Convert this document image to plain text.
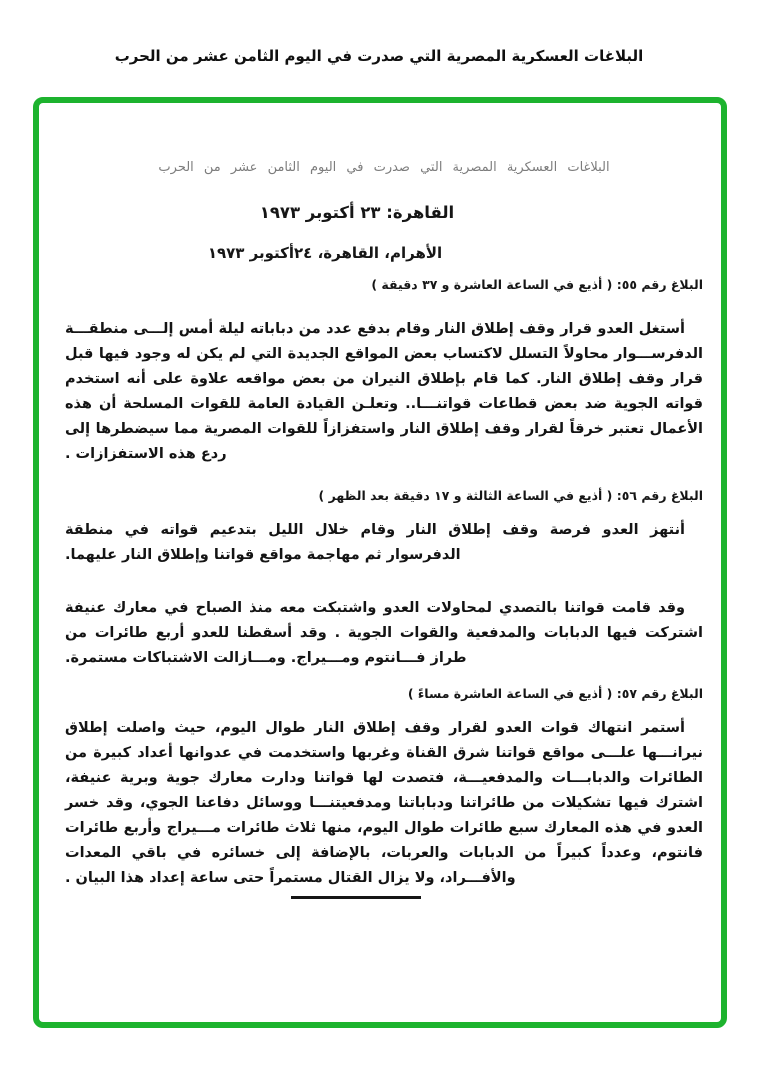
البلاغات العسكرية المصرية التي صدرت في اليوم الثامن عشر من الحرب
البلاغات العسكرية المصرية التي صدرت في اليوم الثامن عشر من الحرب
القاهرة: ٢٣ أكتوبر ١٩٧٣
الأهرام، القاهرة، ٢٤أكتوبر ١٩٧٣
البلاغ رقم ٥٥: ( أذيع في الساعة العاشرة و ٣٧ دقيقة )
أستغل العدو قرار وقف إطلاق النار وقام بدفع عدد من دباباته ليلة أمس إلـــى منطقـــة الدفرســـوار محاولاً التسلل لاكتساب بعض المواقع الجديدة التي لم يكن له وجود فيها قبل قرار وقف إطلاق النار. كما قام بإطلاق النيران من بعض مواقعه علاوة على أنه استخدم قواته الجوية ضد بعض قطاعات قواتنـــا.. وتعلـن القيادة العامة للقوات المسلحة أن هذه الأعمال تعتبر خرقاً لقرار وقف إطلاق النار واستفزازاً للقوات المصرية مما سيضطرها إلى ردع هذه الاستفزازات .
البلاغ رقم ٥٦: ( أذيع في الساعة الثالثة و ١٧ دقيقة بعد الظهر )
أنتهز العدو فرصة وقف إطلاق النار وقام خلال الليل بتدعيم قواته في منطقة الدفرسوار ثم مهاجمة مواقع قواتنا وإطلاق النار عليهما.
وقد قامت قواتنا بالتصدي لمحاولات العدو واشتبكت معه منذ الصباح في معارك عنيفة اشتركت فيها الدبابات والمدفعية والقوات الجوية . وقد أسقطنا للعدو أربع طائرات من طراز فـــانتوم ومـــيراج. ومـــازالت الاشتباكات مستمرة.
البلاغ رقم ٥٧: ( أذيع في الساعة العاشرة مساءً )
أستمر انتهاك قوات العدو لقرار وقف إطلاق النار طوال اليوم، حيث واصلت إطلاق نيرانـــها علـــى مواقع قواتنا شرق القناة وغربها واستخدمت في عدوانها أعداد كبيرة من الطائرات والدبابـــات والمدفعيـــة، فتصدت لها قواتنا ودارت معارك جوية وبرية عنيفة، اشترك فيها تشكيلات من طائراتنا ودباباتنا ومدفعيتنـــا ووسائل دفاعنا الجوي، وقد خسر العدو في هذه المعارك سبع طائرات طوال اليوم، منها ثلاث طائرات مـــيراج وأربع طائرات فانتوم، وعدداً كبيراً من الدبابات والعربات، بالإضافة إلى خسائره في باقي المعدات والأفـــراد، ولا يزال القتال مستمراً حتى ساعة إعداد هذا البيان .
